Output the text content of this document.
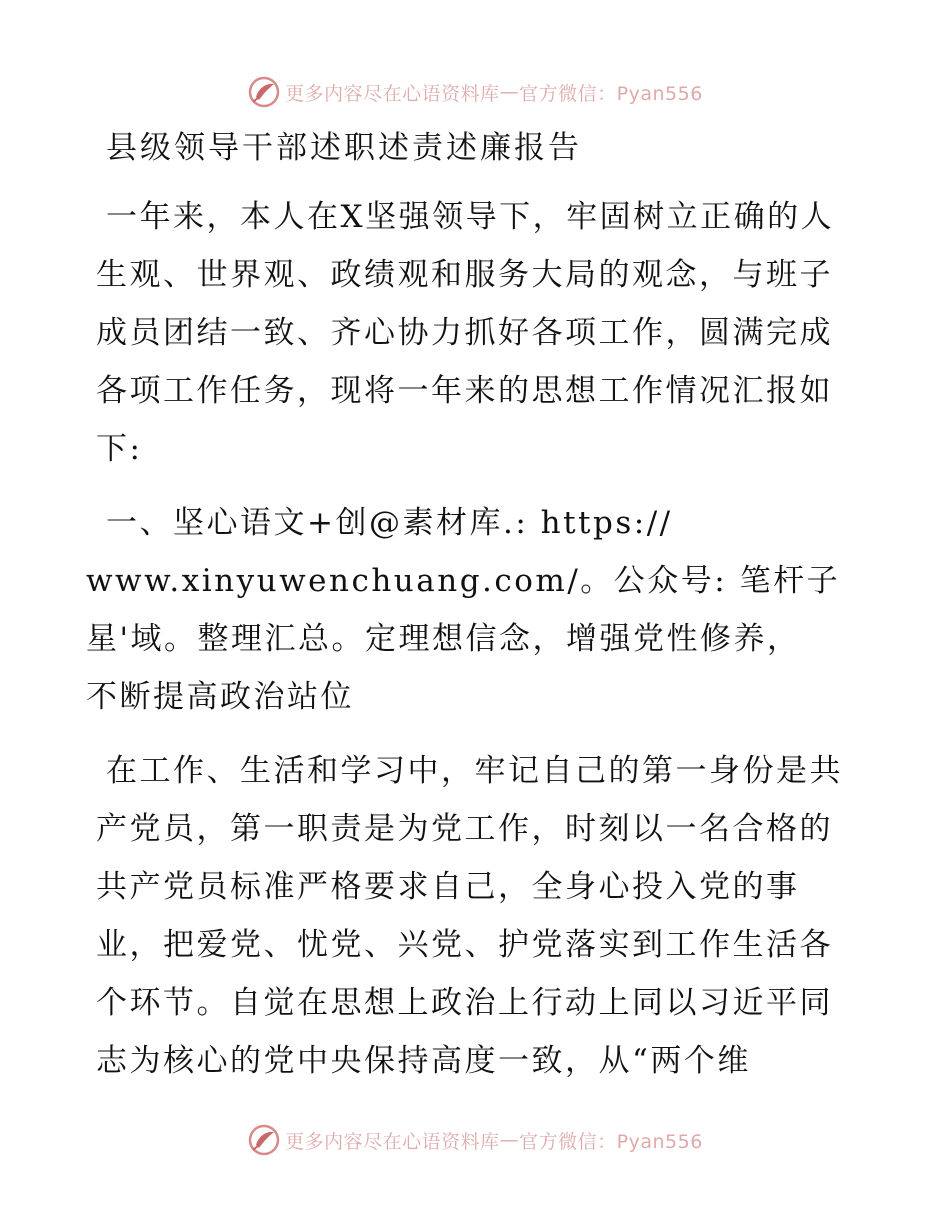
更多内容尽在心语资料库 — 官方微信：Pyan556
县级领导干部述职述责述廉报告
一年来，本人在X坚强领导下，牢固树立正确的人生观、世界观、政绩观和服务大局的观念，与班子成员团结一致、齐心协力抓好各项工作，圆满完成各项工作任务，现将一年来的思想工作情况汇报如下:
一、坚心语文+创@素材库.: https://
www.xinyuwenchuang.com/。公众号: 笔杆子
星'域。整理汇总。定理想信念，增强党性修养，
不断提高政治站位
在工作、生活和学习中，牢记自己的第一身份是共产党员，第一职责是为党工作，时刻以一名合格的共产党员标准严格要求自己，全身心投入党的事业，把爱党、忧党、兴党、护党落实到工作生活各个环节。自觉在思想上政治上行动上同以习近平同志为核心的党中央保持高度一致，从“两个维
更多内容尽在心语资料库 — 官方微信：Pyan556
